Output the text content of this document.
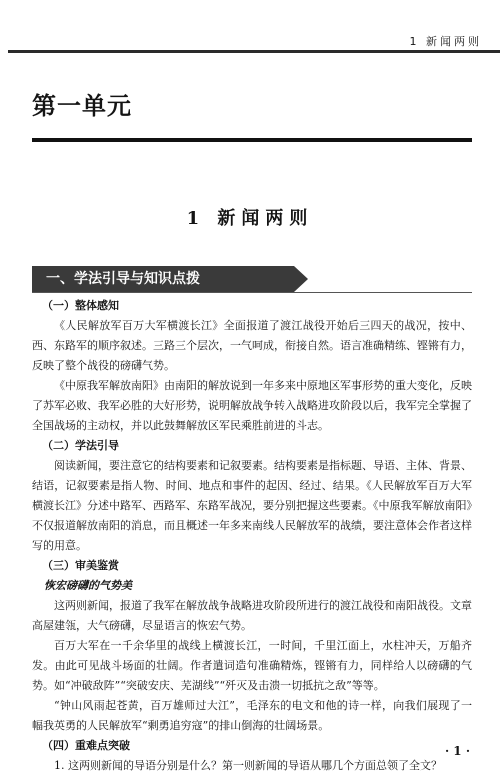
1 新闻两则
第一单元
1 新闻两则
一、学法引导与知识点拨
（一）整体感知

《人民解放军百万大军横渡长江》全面报道了渡江战役开始后三四天的战况，按中、西、东路军的顺序叙述。三路三个层次，一气呵成，衔接自然。语言准确精练、铿锵有力，反映了整个战役的磅礴气势。

《中原我军解放南阳》由南阳的解放说到一年多来中原地区军事形势的重大变化，反映了苏军必败、我军必胜的大好形势，说明解放战争转入战略进攻阶段以后，我军完全掌握了全国战场的主动权，并以此鼓舞解放区军民乘胜前进的斗志。

（二）学法引导

阅读新闻，要注意它的结构要素和记叙要素。结构要素是指标题、导语、主体、背景、结语，记叙要素是指人物、时间、地点和事件的起因、经过、结果。《人民解放军百万大军横渡长江》分述中路军、西路军、东路军战况，要分别把握这些要素。《中原我军解放南阳》不仅报道解放南阳的消息，而且概述一年多来南线人民解放军的战绩，要注意体会作者这样写的用意。

（三）审美鉴赏
恢宏磅礴的气势美

这两则新闻，报道了我军在解放战争战略进攻阶段所进行的渡江战役和南阳战役。文章高屋建瓴，大气磅礴，尽显语言的恢宏气势。

百万大军在一千余华里的战线上横渡长江，一时间，千里江面上，水柱冲天，万船齐发。由此可见战斗场面的壮阔。作者遣词造句准确精炼，铿锵有力，同样给人以磅礴的气势。如“冲破敌阵”“突破安庆、芜湖线”“歼灭及击溃一切抵抗之敌”等等。

“钟山风雨起苍黄，百万雄师过大江”，毛泽东的电文和他的诗一样，向我们展现了一幅我英勇的人民解放军“剩勇追穷寇”的排山倒海的壮阔场景。

（四）重难点突破

1. 这两则新闻的导语分别是什么？第一则新闻的导语从哪几个方面总领了全文？

· 1 ·
